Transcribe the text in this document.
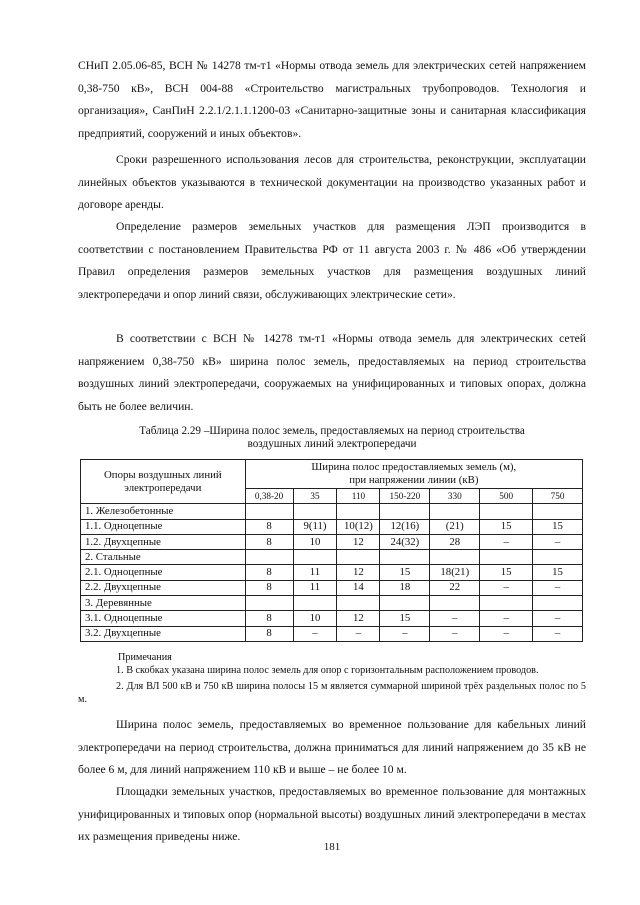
СНиП 2.05.06-85, ВСН № 14278 тм-т1 «Нормы отвода земель для электрических сетей напряжением 0,38-750 кВ», ВСН 004-88 «Строительство магистральных трубопроводов. Технология и организация», СанПиН 2.2.1/2.1.1.1200-03 «Санитарно-защитные зоны и санитарная классификация предприятий, сооружений и иных объектов».

Сроки разрешенного использования лесов для строительства, реконструкции, эксплуатации линейных объектов указываются в технической документации на производство указанных работ и договоре аренды.

Определение размеров земельных участков для размещения ЛЭП производится в соответствии с постановлением Правительства РФ от 11 августа 2003 г. № 486 «Об утверждении Правил определения размеров земельных участков для размещения воздушных линий электропередачи и опор линий связи, обслуживающих электрические сети».

В соответствии с ВСН № 14278 тм-т1 «Нормы отвода земель для электрических сетей напряжением 0,38-750 кВ» ширина полос земель, предоставляемых на период строительства воздушных линий электропередачи, сооружаемых на унифицированных и типовых опорах, должна быть не более величин.

Таблица 2.29 –Ширина полос земель, предоставляемых на период строительства

воздушных линий электропередачи

Опоры воздушных линий электропередачи	Ширина полос предоставляемых земель (м),
при напряжении линии (кВ)						

	0,38-20	35	110	150-220	330	500	750
1. Железобетонные							
1.1. Одноцепные	8	9(11)	10(12)	12(16)	(21)	15	15
1.2. Двухцепные	8	10	12	24(32)	28	–	–
2. Стальные							
2.1. Одноцепные	8	11	12	15	18(21)	15	15
2.2. Двухцепные	8	11	14	18	22	–	–
3. Деревянные							
3.1. Одноцепные	8	10	12	15	–	–	–
3.2. Двухцепные	8	–	–	–	–	–	–

Примечания

1. В скобках указана ширина полос земель для опор с горизонтальным расположением проводов.

2. Для ВЛ 500 кВ и 750 кВ ширина полосы 15 м является суммарной шириной трёх раздельных полос по 5 м.

Ширина полос земель, предоставляемых во временное пользование для кабельных линий электропередачи на период строительства, должна приниматься для линий напряжением до 35 кВ не более 6 м, для линий напряжением 110 кВ и выше – не более 10 м.

Площадки земельных участков, предоставляемых во временное пользование для монтажных унифицированных и типовых опор (нормальной высоты) воздушных линий электропередачи в местах их размещения приведены ниже.

181
